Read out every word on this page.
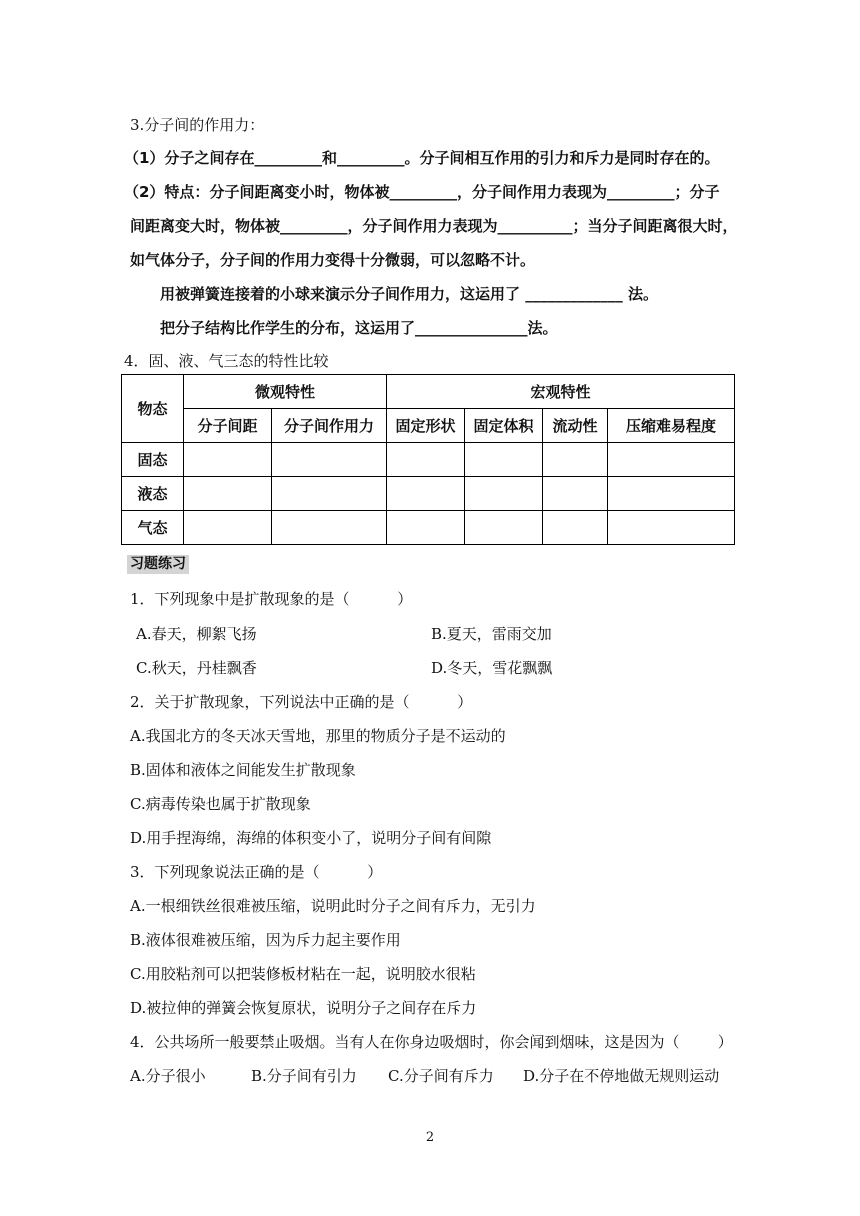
3.分子间的作用力：
（1）分子之间存在_________和_________。分子间相互作用的引力和斥力是同时存在的。
（2）特点：分子间距离变小时，物体被_________，分子间作用力表现为_________；分子
间距离变大时，物体被_________，分子间作用力表现为__________；当分子间距离很大时，
如气体分子，分子间的作用力变得十分微弱，可以忽略不计。
用被弹簧连接着的小球来演示分子间作用力，这运用了 _____________ 法。
把分子结构比作学生的分布，这运用了_______________法。
4．固、液、气三态的特性比较
物态	微观特性		宏观特性			
	分子间距	分子间作用力	固定形状	固定体积	流动性	压缩难易程度
固态						
液态						
气态						
习题练习
1．下列现象中是扩散现象的是（          ）
A.春天，柳絮飞扬	B.夏天，雷雨交加
C.秋天，丹桂飘香	D.冬天，雪花飘飘
2．关于扩散现象，下列说法中正确的是（          ）
A.我国北方的冬天冰天雪地，那里的物质分子是不运动的
B.固体和液体之间能发生扩散现象
C.病毒传染也属于扩散现象
D.用手捏海绵，海绵的体积变小了，说明分子间有间隙
3．下列现象说法正确的是（          ）
A.一根细铁丝很难被压缩，说明此时分子之间有斥力，无引力
B.液体很难被压缩，因为斥力起主要作用
C.用胶粘剂可以把装修板材粘在一起，说明胶水很粘
D.被拉伸的弹簧会恢复原状，说明分子之间存在斥力
4．公共场所一般要禁止吸烟。当有人在你身边吸烟时，你会闻到烟味，这是因为（        ）
A.分子很小	B.分子间有引力 C.分子间有斥力 D.分子在不停地做无规则运动
2
